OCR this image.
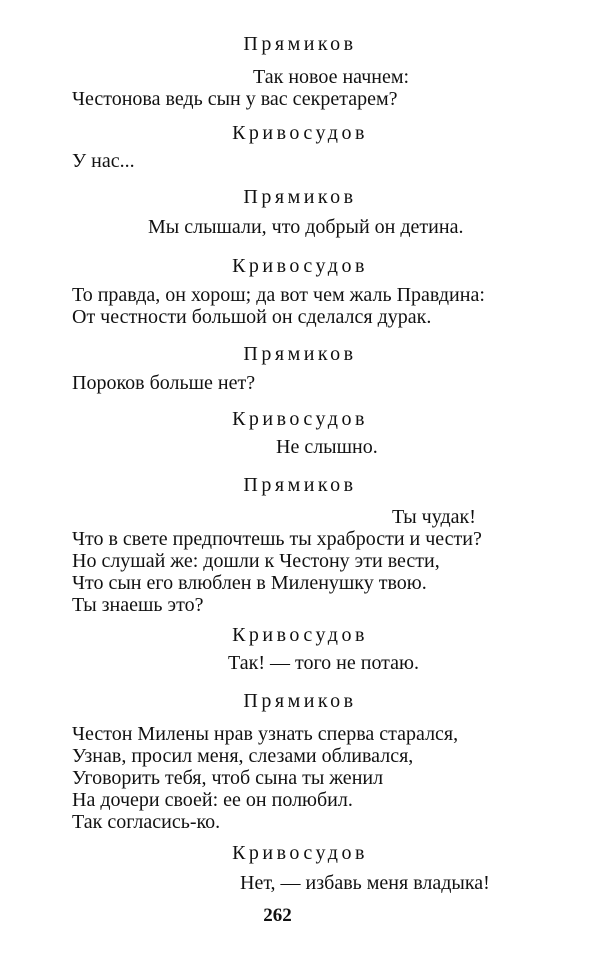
Прямиков
Так новое начнем:
Честонова ведь сын у вас секретарем?
Кривосудов
У нас...
Прямиков
Мы слышали, что добрый он детина.
Кривосудов
То правда, он хорош; да вот чем жаль Правдина:
От честности большой он сделался дурак.
Прямиков
Пороков больше нет?
Кривосудов
Не слышно.
Прямиков
Ты чудак!
Что в свете предпочтешь ты храбрости и чести?
Но слушай же: дошли к Честону эти вести,
Что сын его влюблен в Миленушку твою.
Ты знаешь это?
Кривосудов
Так! — того не потаю.
Прямиков
Честон Милены нрав узнать сперва старался,
Узнав, просил меня, слезами обливался,
Уговорить тебя, чтоб сына ты женил
На дочери своей: ее он полюбил.
Так согласись-ко.
Кривосудов
Нет, — избавь меня владыка!
262
